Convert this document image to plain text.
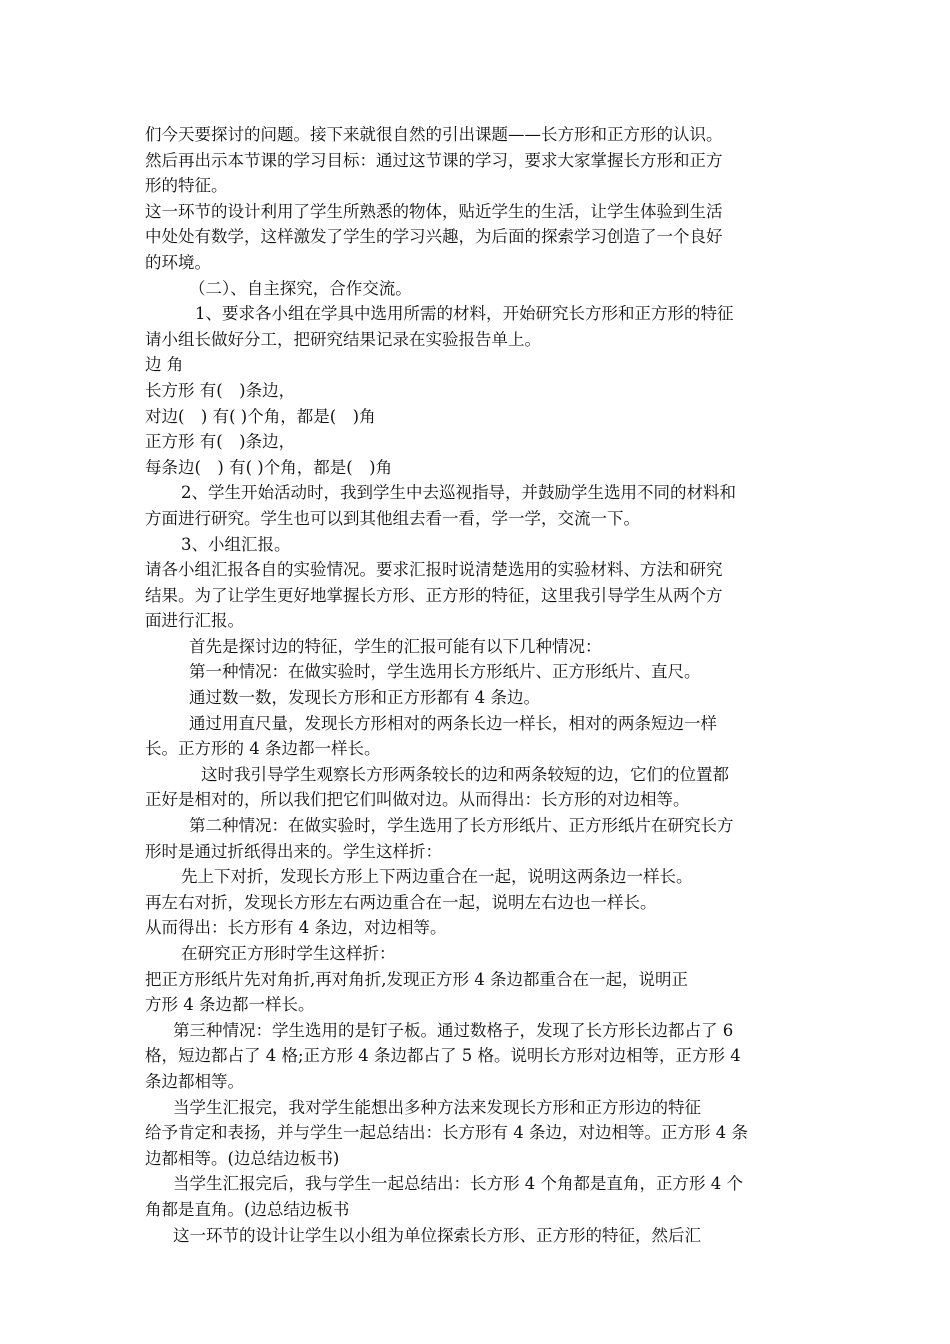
们今天要探讨的问题。接下来就很自然的引出课题——长方形和正方形的认识。
然后再出示本节课的学习目标：通过这节课的学习，要求大家掌握长方形和正方
形的特征。
这一环节的设计利用了学生所熟悉的物体，贴近学生的生活，让学生体验到生活
中处处有数学，这样激发了学生的学习兴趣，为后面的探索学习创造了一个良好
的环境。
（二）、自主探究，合作交流。
1、要求各小组在学具中选用所需的材料，开始研究长方形和正方形的特征
请小组长做好分工，把研究结果记录在实验报告单上。
边 角
长方形 有(　)条边，
对边(　) 有( )个角，都是(　)角
正方形 有(　)条边，
每条边(　) 有( )个角，都是(　)角
2、学生开始活动时，我到学生中去巡视指导，并鼓励学生选用不同的材料和
方面进行研究。学生也可以到其他组去看一看，学一学，交流一下。
3、小组汇报。
请各小组汇报各自的实验情况。要求汇报时说清楚选用的实验材料、方法和研究
结果。为了让学生更好地掌握长方形、正方形的特征，这里我引导学生从两个方
面进行汇报。
首先是探讨边的特征，学生的汇报可能有以下几种情况：
第一种情况：在做实验时，学生选用长方形纸片、正方形纸片、直尺。
通过数一数，发现长方形和正方形都有 4 条边。
通过用直尺量，发现长方形相对的两条长边一样长，相对的两条短边一样
长。正方形的 4 条边都一样长。
这时我引导学生观察长方形两条较长的边和两条较短的边，它们的位置都
正好是相对的，所以我们把它们叫做对边。从而得出：长方形的对边相等。
第二种情况：在做实验时，学生选用了长方形纸片、正方形纸片在研究长方
形时是通过折纸得出来的。学生这样折：
先上下对折，发现长方形上下两边重合在一起，说明这两条边一样长。
再左右对折，发现长方形左右两边重合在一起，说明左右边也一样长。
从而得出：长方形有 4 条边，对边相等。
在研究正方形时学生这样折：
把正方形纸片先对角折,再对角折,发现正方形 4 条边都重合在一起，说明正
方形 4 条边都一样长。
第三种情况：学生选用的是钉子板。通过数格子，发现了长方形长边都占了 6
格，短边都占了 4 格;正方形 4 条边都占了 5 格。说明长方形对边相等，正方形 4
条边都相等。
当学生汇报完，我对学生能想出多种方法来发现长方形和正方形边的特征
给予肯定和表扬，并与学生一起总结出：长方形有 4 条边，对边相等。正方形 4 条
边都相等。(边总结边板书)
当学生汇报完后，我与学生一起总结出：长方形 4 个角都是直角，正方形 4 个
角都是直角。(边总结边板书
这一环节的设计让学生以小组为单位探索长方形、正方形的特征，然后汇
